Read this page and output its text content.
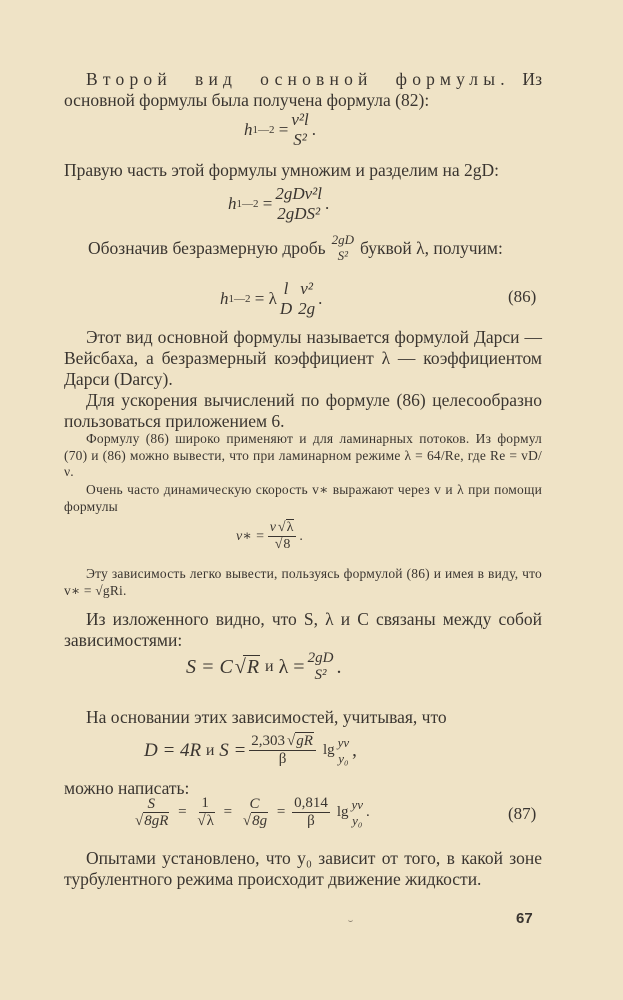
Второй вид основной формулы. Из основной формулы была получена формула (82):

h 1—2 =
v²l
S²
.

Правую часть этой формулы умножим и разделим на 2gD:

h 1—2 =
2gDv²l
2gDS²
.
Обозначив безразмерную дробь 2gD
S² буквой λ, получим:
h 1—2 = λ
l
D
v²
2g
.	(86)

Этот вид основной формулы называется формулой Дарси — Вейсбаха, а безразмерный коэффициент λ — коэффициентом Дарси (Darcy).

Для ускорения вычислений по формуле (86) целесообразно пользоваться приложением 6.

Формулу (86) широко применяют и для ламинарных потоков. Из формул (70) и (86) можно вывести, что при ламинарном режиме λ = 64/Re, где Re = vD/ν.

Очень часто динамическую скорость v∗ выражают через v и λ при помощи формулы

v∗ = v √ λ
√ 8 .

Эту зависимость легко вывести, пользуясь формулой (86) и имея в виду, что v∗ = √gRi.

Из изложенного видно, что S, λ и C связаны между собой зависимостями:

S = C √ R
и
λ = 2gD
S² .

На основании этих зависимостей, учитывая, что

D = 4R
и
$S = \frac{2,303 √ gR}{\beta}$ lg yv
y₀ ,

можно написать:

S
√ 8gR
=
1
√ λ
=
C
√ 8g
= $\frac{0,814}{\beta}$ lg yv
y₀ .	(87)

Опытами установлено, что y₀ зависит от того, в какой зоне турбулентного режима происходит движение жидкости.

67
